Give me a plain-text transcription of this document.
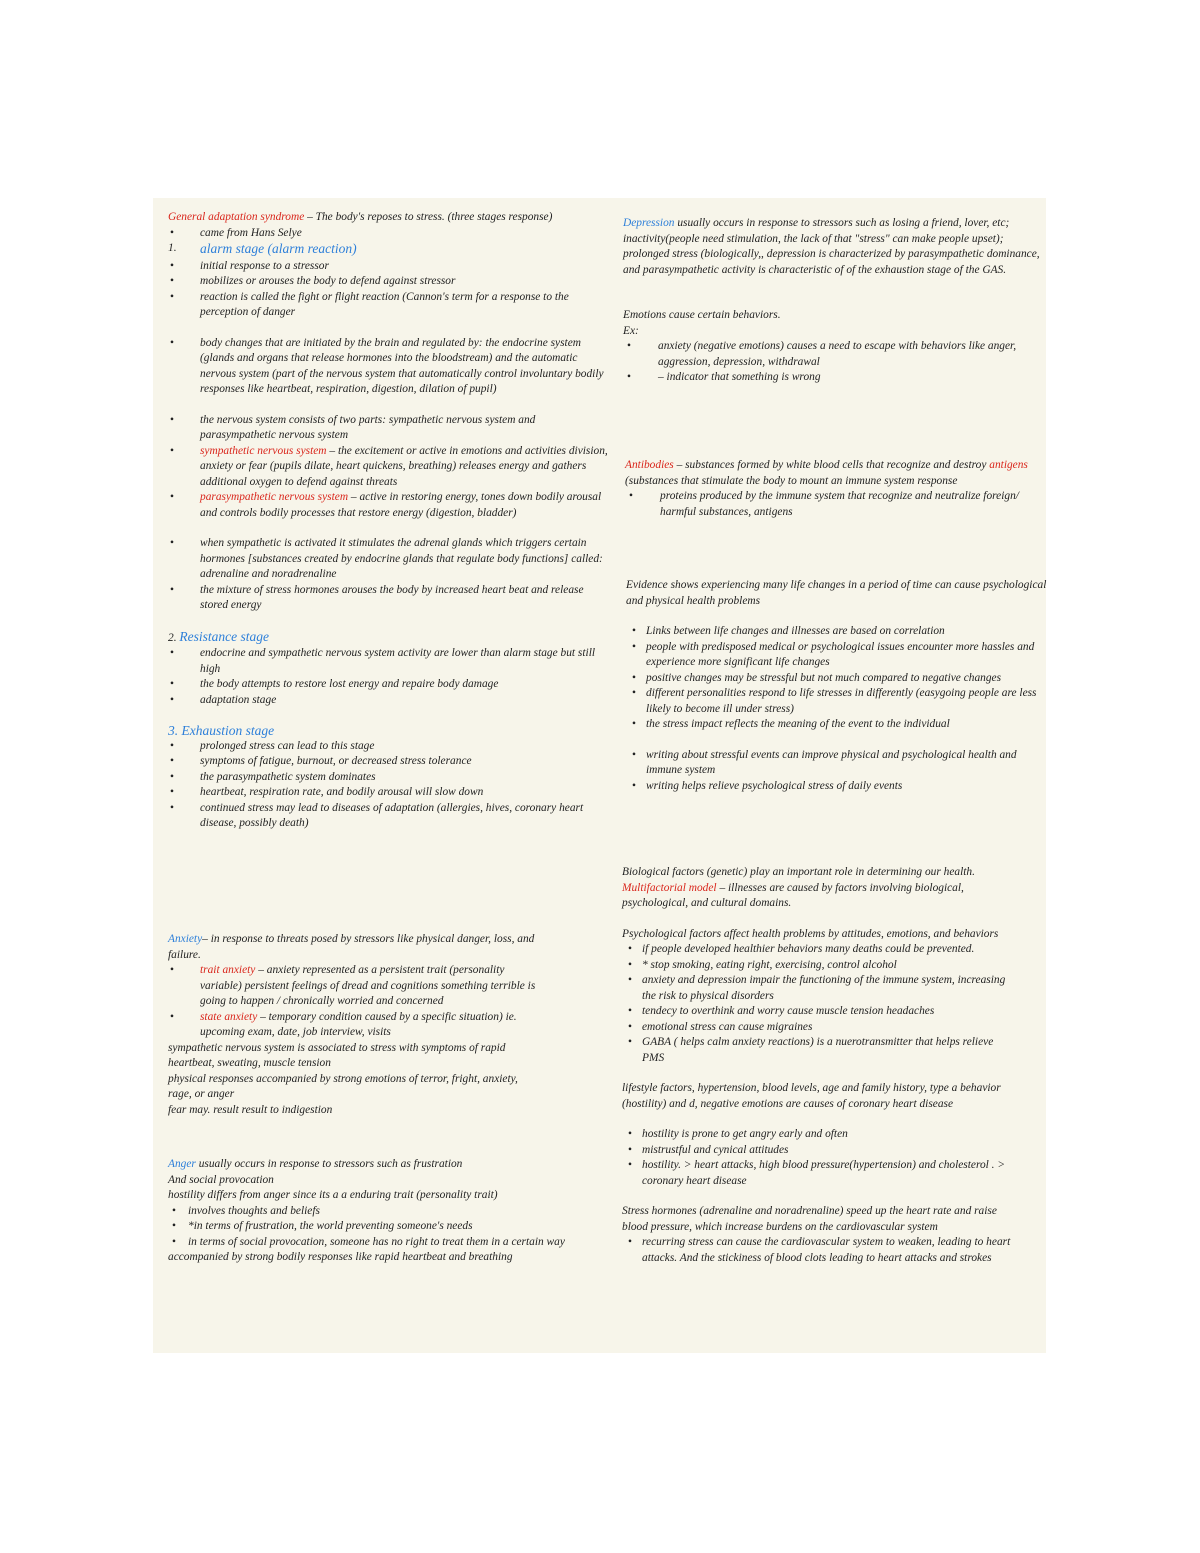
General adaptation syndrome – The body's reposes to stress. (three stages response)

• came from Hans Selye

1. alarm stage (alarm reaction)

• initial response to a stressor
• mobilizes or arouses the body to defend against stressor
• reaction is called the fight or flight reaction (Cannon's term for a response to the perception of danger
• body changes that are initiated by the brain and regulated by: the endocrine system (glands and organs that release hormones into the bloodstream) and the automatic nervous system (part of the nervous system that automatically control involuntary bodily responses like heartbeat, respiration, digestion, dilation of pupil)
• the nervous system consists of two parts: sympathetic nervous system and parasympathetic nervous system
• sympathetic nervous system – the excitement or active in emotions and activities division, anxiety or fear (pupils dilate, heart quickens, breathing) releases energy and gathers additional oxygen to defend against threats
• parasympathetic nervous system – active in restoring energy, tones down bodily arousal and controls bodily processes that restore energy (digestion, bladder)
• when sympathetic is activated it stimulates the adrenal glands which triggers certain hormones [substances created by endocrine glands that regulate body functions] called: adrenaline and noradrenaline
• the mixture of stress hormones arouses the body by increased heart beat and release stored energy

2. Resistance stage

• endocrine and sympathetic nervous system activity are lower than alarm stage but still high
• the body attempts to restore lost energy and repaire body damage
• adaptation stage

3. Exhaustion stage

• prolonged stress can lead to this stage
• symptoms of fatigue, burnout, or decreased stress tolerance
• the parasympathetic system dominates
• heartbeat, respiration rate, and bodily arousal will slow down
• continued stress may lead to diseases of adaptation (allergies, hives, coronary heart disease, possibly death)

Anxiety– in response to threats posed by stressors like physical danger, loss, and failure.

• trait anxiety – anxiety represented as a persistent trait (personality variable) persistent feelings of dread and cognitions something terrible is going to happen / chronically worried and concerned
• state anxiety – temporary condition caused by a specific situation) ie. upcoming exam, date, job interview, visits

sympathetic nervous system is associated to stress with symptoms of rapid heartbeat, sweating, muscle tension

physical responses accompanied by strong emotions of terror, fright, anxiety, rage, or anger

fear may. result result to indigestion

Anger usually occurs in response to stressors such as frustration

And social provocation

hostility differs from anger since its a a enduring trait (personality trait)

• involves thoughts and beliefs
• *in terms of frustration, the world preventing someone's needs
• in terms of social provocation, someone has no right to treat them in a certain way

accompanied by strong bodily responses like rapid heartbeat and breathing

Depression usually occurs in response to stressors such as losing a friend, lover, etc; inactivity(people need stimulation, the lack of that "stress" can make people upset); prolonged stress (biologically,, depression is characterized by parasympathetic dominance, and parasympathetic activity is characteristic of of the exhaustion stage of the GAS.

Emotions cause certain behaviors.

Ex:

• anxiety (negative emotions) causes a need to escape with behaviors like anger, aggression, depression, withdrawal
• – indicator that something is wrong

Antibodies – substances formed by white blood cells that recognize and destroy antigens (substances that stimulate the body to mount an immune system response

• proteins produced by the immune system that recognize and neutralize foreign/ harmful substances, antigens

Evidence shows experiencing many life changes in a period of time can cause psychological and physical health problems

• Links between life changes and illnesses are based on correlation
• people with predisposed medical or psychological issues encounter more hassles and experience more significant life changes
• positive changes may be stressful but not much compared to negative changes
• different personalities respond to life stresses in differently (easygoing people are less likely to become ill under stress)
• the stress impact reflects the meaning of the event to the individual
• writing about stressful events can improve physical and psychological health and immune system
• writing helps relieve psychological stress of daily events

Biological factors (genetic) play an important role in determining our health.

Multifactorial model – illnesses are caused by factors involving biological, psychological, and cultural domains.

Psychological factors affect health problems by attitudes, emotions, and behaviors

• if people developed healthier behaviors many deaths could be prevented.
• * stop smoking, eating right, exercising, control alcohol
• anxiety and depression impair the functioning of the immune system, increasing the risk to physical disorders
• tendecy to overthink and worry cause muscle tension headaches
• emotional stress can cause migraines
• GABA ( helps calm anxiety reactions) is a nuerotransmitter that helps relieve PMS

lifestyle factors, hypertension, blood levels, age and family history, type a behavior (hostility) and d, negative emotions are causes of coronary heart disease

• hostility is prone to get angry early and often
• mistrustful and cynical attitudes
• hostility. > heart attacks, high blood pressure(hypertension) and cholesterol . > coronary heart disease

Stress hormones (adrenaline and noradrenaline) speed up the heart rate and raise blood pressure, which increase burdens on the cardiovascular system

• recurring stress can cause the cardiovascular system to weaken, leading to heart attacks. And the stickiness of blood clots leading to heart attacks and strokes
